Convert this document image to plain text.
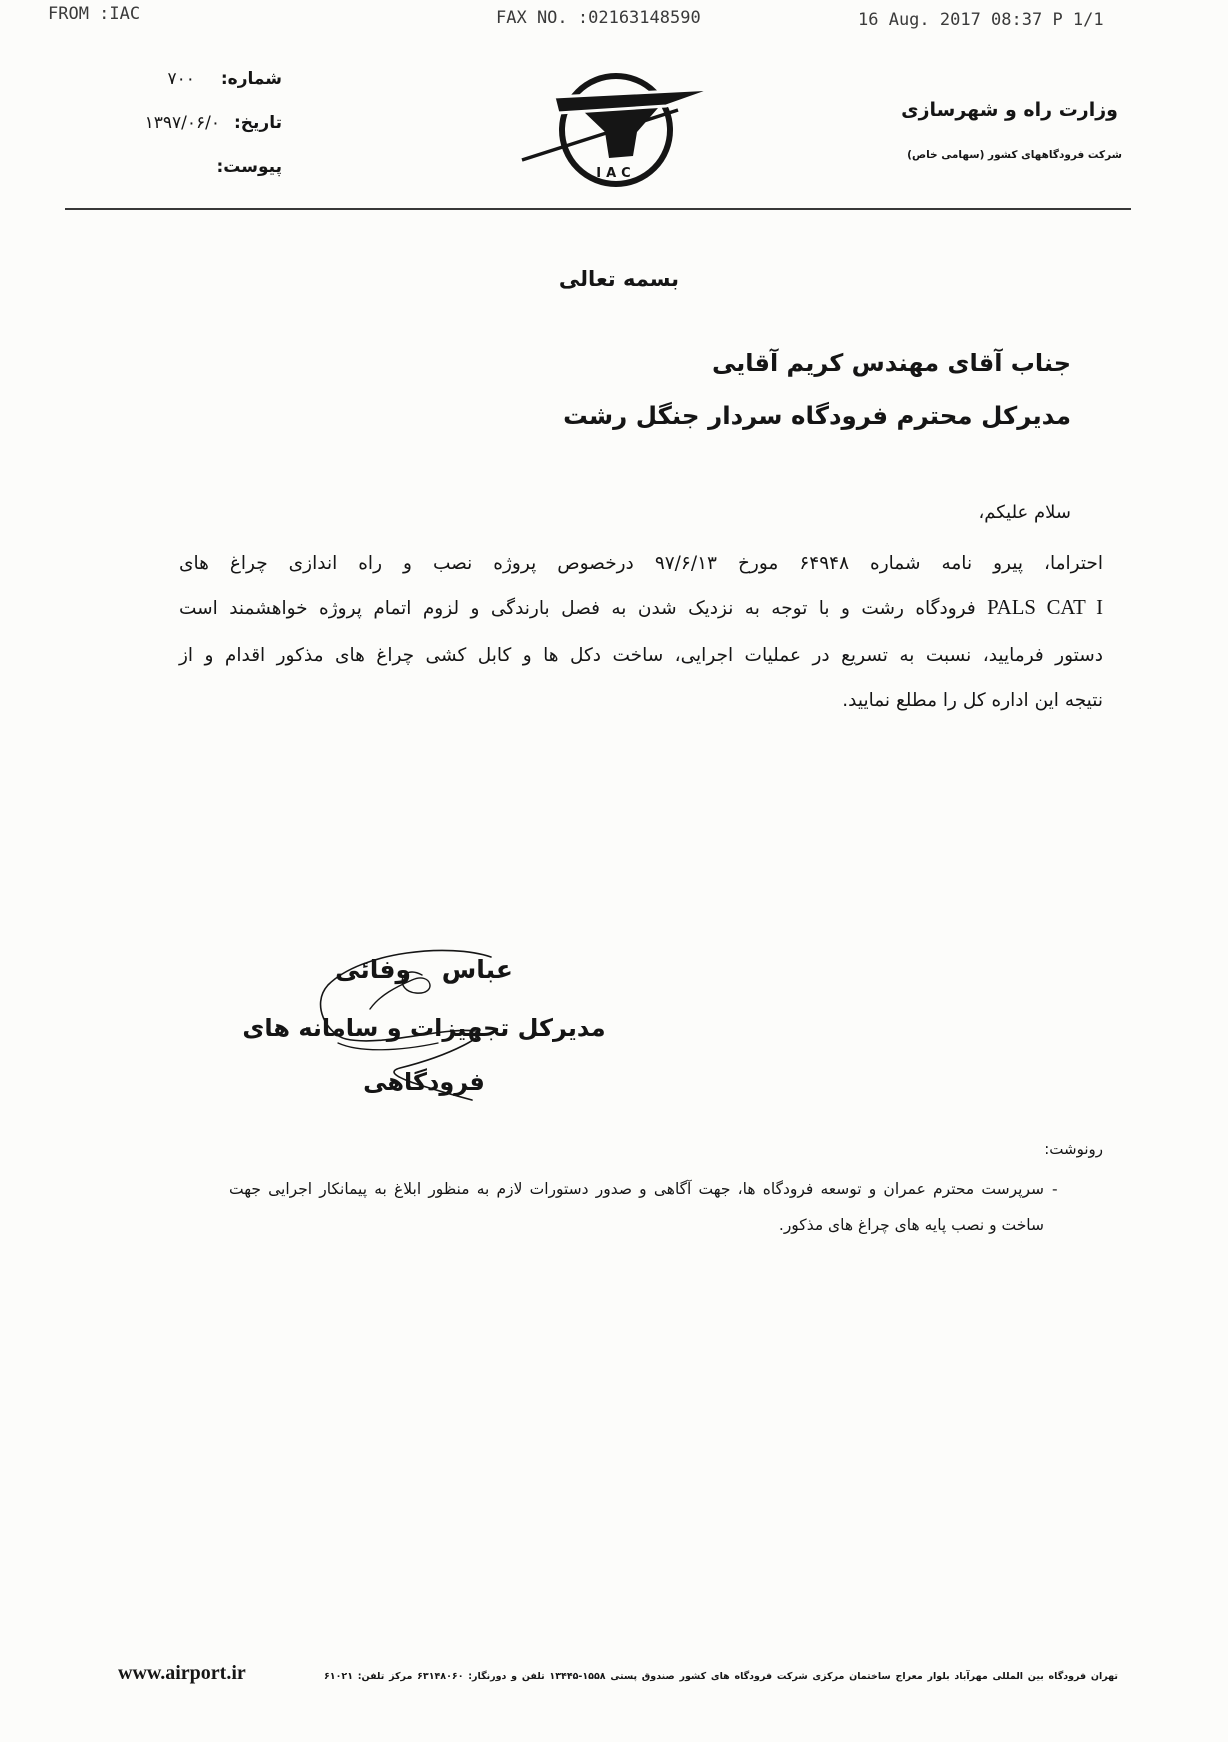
FROM :IAC	FAX NO. :02163148590	16 Aug. 2017 08:37 P 1/1
شماره:۷۰۰
تاریخ:۱۳۹۷/۰۶/۰
پیوست:	IAC
وزارت راه و شهرسازی
شرکت فرودگاههای کشور (سهامی خاص)
بسمه تعالی
جناب آقای مهندس کریم آقایی
مدیرکل محترم فرودگاه سردار جنگل رشت
سلام علیکم،
احتراما، پیرو نامه شماره ۶۴۹۴۸ مورخ ۹۷/۶/۱۳ درخصوص پروژه نصب و راه اندازی چراغ های
PALS CAT I فرودگاه رشت و با توجه به نزدیک شدن به فصل بارندگی و لزوم اتمام پروژه خواهشمند است
دستور فرمایید، نسبت به تسریع در عملیات اجرایی، ساخت دکل ها و کابل کشی چراغ های مذکور اقدام و از
نتیجه این اداره کل را مطلع نمایید.
عباس وفائی
مدیرکل تجهیزات و سامانه های
فرودگاهی
رونوشت:
-
سرپرست محترم عمران و توسعه فرودگاه ها، جهت آگاهی و صدور دستورات لازم به منظور ابلاغ به پیمانکار اجرایی جهت
ساخت و نصب پایه های چراغ های مذکور.
تهران فرودگاه بین المللی مهرآباد بلوار معراج ساختمان مرکزی شرکت فرودگاه های کشور صندوق پستی ۱۵۵۸-۱۳۴۴۵ تلفن و دورنگار: ۶۳۱۴۸۰۶۰ مرکز تلفن: ۶۱۰۲۱
www.airport.ir
